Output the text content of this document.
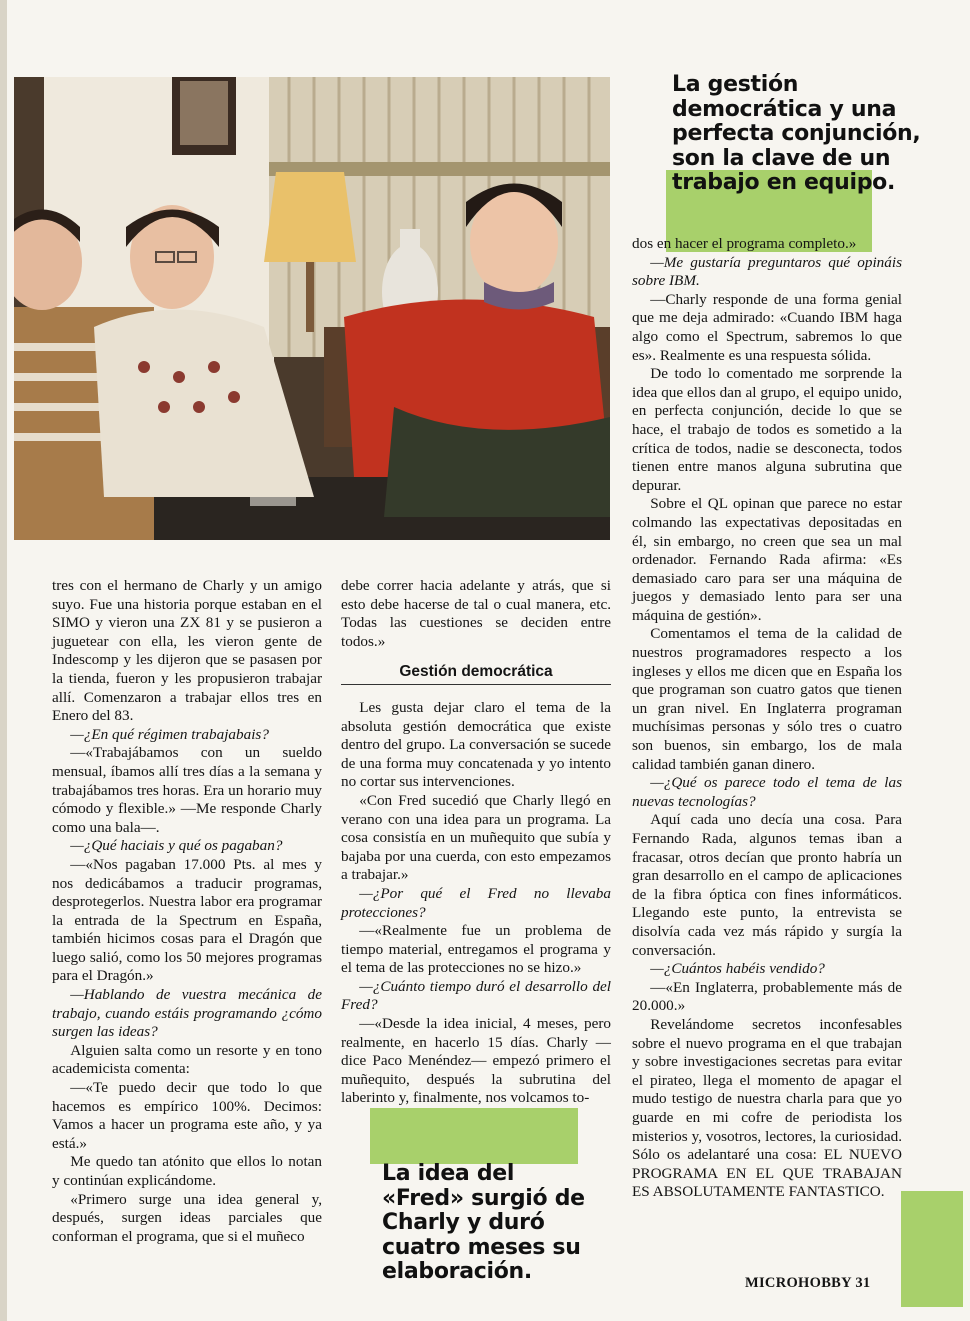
La gestión democrática y una perfecta conjunción, son la clave de un trabajo en equipo.

tres con el hermano de Charly y un amigo suyo. Fue una historia porque estaban en el SIMO y vieron una ZX 81 y se pusieron a juguetear con ella, les vieron gente de Indescomp y les dijeron que se pasasen por la tienda, fueron y les propusieron trabajar allí. Comenzaron a trabajar ellos tres en Enero del 83.

—¿En qué régimen trabajabais?

—«Trabajábamos con un sueldo mensual, íbamos allí tres días a la semana y trabajábamos tres horas. Era un horario muy cómodo y flexible.» —Me responde Charly como una bala—.

—¿Qué haciais y qué os pagaban?

—«Nos pagaban 17.000 Pts. al mes y nos dedicábamos a traducir programas, desprotegerlos. Nuestra labor era programar la entrada de la Spectrum en España, también hicimos cosas para el Dragón que luego salió, como los 50 mejores programas para el Dragón.»

—Hablando de vuestra mecánica de trabajo, cuando estáis programando ¿cómo surgen las ideas?

Alguien salta como un resorte y en tono academicista comenta:

—«Te puedo decir que todo lo que hacemos es empírico 100%. Decimos: Vamos a hacer un programa este año, y ya está.»

Me quedo tan atónito que ellos lo notan y continúan explicándome.

«Primero surge una idea general y, después, surgen ideas parciales que conforman el programa, que si el muñeco

debe correr hacia adelante y atrás, que si esto debe hacerse de tal o cual manera, etc. Todas las cuestiones se deciden entre todos.»

Gestión democrática

Les gusta dejar claro el tema de la absoluta gestión democrática que existe dentro del grupo. La conversación se sucede de una forma muy concatenada y yo intento no cortar sus intervenciones.

«Con Fred sucedió que Charly llegó en verano con una idea para un programa. La cosa consistía en un muñequito que subía y bajaba por una cuerda, con esto empezamos a trabajar.»

—¿Por qué el Fred no llevaba protecciones?

—«Realmente fue un problema de tiempo material, entregamos el programa y el tema de las protecciones no se hizo.»

—¿Cuánto tiempo duró el desarrollo del Fred?

—«Desde la idea inicial, 4 meses, pero realmente, en hacerlo 15 días. Charly —dice Paco Menéndez— empezó primero el muñequito, después la subrutina del laberinto y, finalmente, nos volcamos to-

dos en hacer el programa completo.»

—Me gustaría preguntaros qué opináis sobre IBM.

—Charly responde de una forma genial que me deja admirado: «Cuando IBM haga algo como el Spectrum, sabremos lo que es». Realmente es una respuesta sólida.

De todo lo comentado me sorprende la idea que ellos dan al grupo, el equipo unido, en perfecta conjunción, decide lo que se hace, el trabajo de todos es sometido a la crítica de todos, nadie se desconecta, todos tienen entre manos alguna subrutina que depurar.

Sobre el QL opinan que parece no estar colmando las expectativas depositadas en él, sin embargo, no creen que sea un mal ordenador. Fernando Rada afirma: «Es demasiado caro para ser una máquina de juegos y demasiado lento para ser una máquina de gestión».

Comentamos el tema de la calidad de nuestros programadores respecto a los ingleses y ellos me dicen que en España los que programan son cuatro gatos que tienen un gran nivel. En Inglaterra programan muchísimas personas y sólo tres o cuatro son buenos, sin embargo, los de mala calidad también ganan dinero.

—¿Qué os parece todo el tema de las nuevas tecnologías?

Aquí cada uno decía una cosa. Para Fernando Rada, algunos temas iban a fracasar, otros decían que pronto habría un gran desarrollo en el campo de aplicaciones de la fibra óptica con fines informáticos. Llegando este punto, la entrevista se disolvía cada vez más rápido y surgía la conversación.

—¿Cuántos habéis vendido?

—«En Inglaterra, probablemente más de 20.000.»

Revelándome secretos inconfesables sobre el nuevo programa en el que trabajan y sobre investigaciones secretas para evitar el pirateo, llega el momento de apagar el mudo testigo de nuestra charla para que yo guarde en mi cofre de periodista los misterios y, vosotros, lectores, la curiosidad. Sólo os adelantaré una cosa: EL NUEVO PROGRAMA EN EL QUE TRABAJAN ES ABSOLUTAMENTE FANTASTICO.

La idea del «Fred» surgió de Charly y duró cuatro meses su elaboración.	MICROHOBBY 31
